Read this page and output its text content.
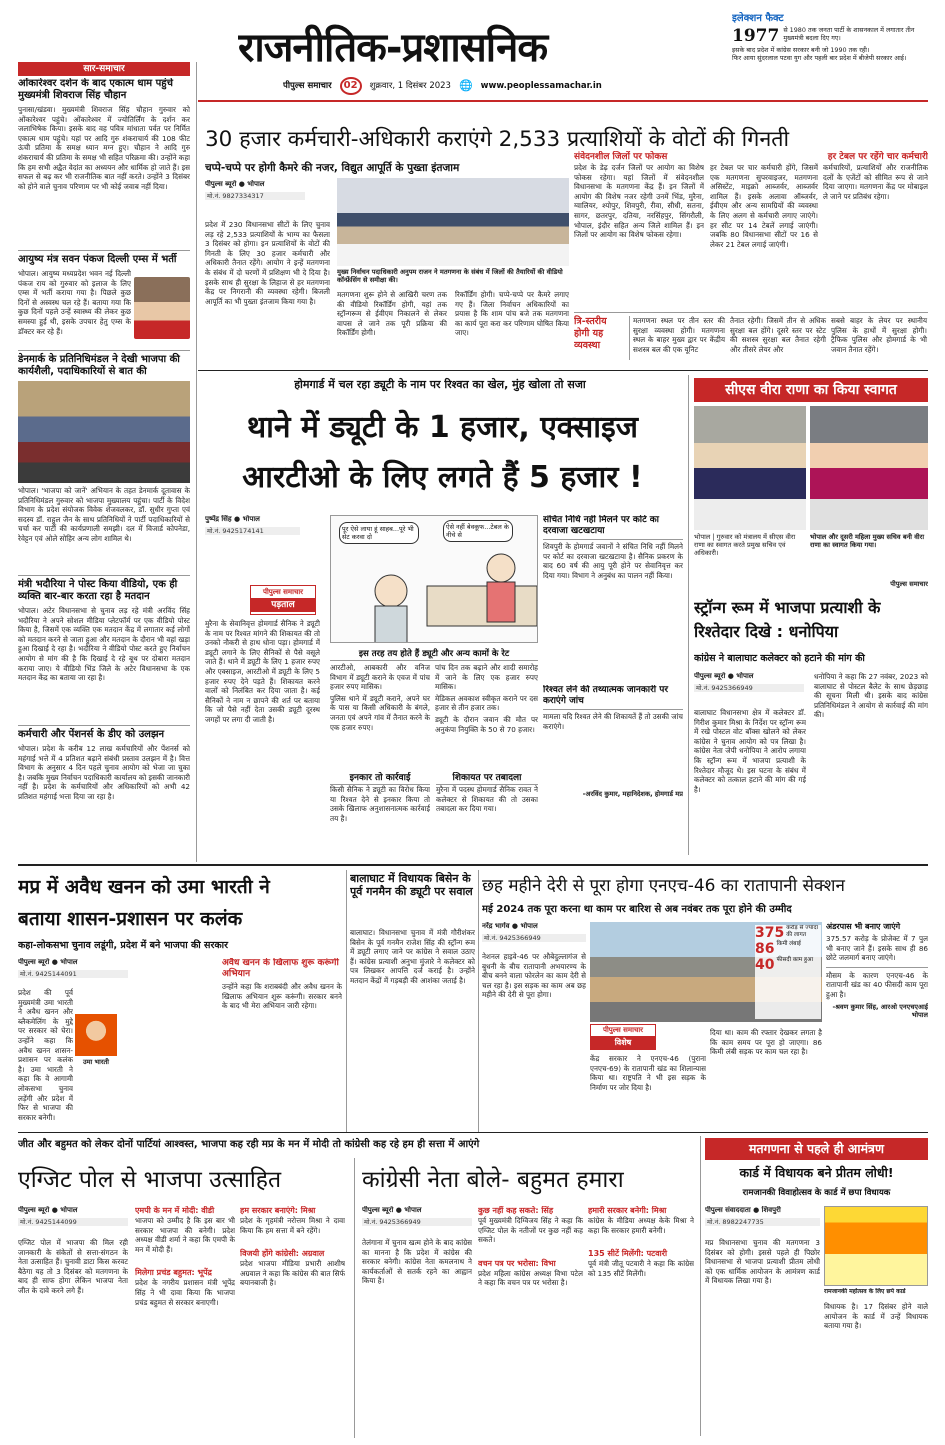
राजनीतिक-प्रशासनिक
पीपुल्स समाचार	02	शुक्रवार, 1 दिसंबर 2023 🌐 www.peoplessamachar.in
इलेक्शन फैक्ट
1977 से 1980 तक जनता पार्टी के शासनकाल में लगातार तीन मुख्यमंत्री बदला दिए गए।
इसके बाद प्रदेश में कांग्रेस सरकार बनी जो 1990 तक रही।
फिर आया सुंदरलाल पटवा युग और पहली बार प्रदेश में बीजेपी सरकार आई।
सार-समाचार
ओंकारेश्वर दर्शन के बाद एकात्म धाम पहुंचे मुख्यमंत्री शिवराज सिंह चौहान
पुनासा/खंडवा। मुख्यमंत्री शिवराज सिंह चौहान गुरुवार को ओंकारेश्वर पहुंचे। ओंकारेश्वर में ज्योतिर्लिंग के दर्शन कर जलाभिषेक किया। इसके बाद वह पवित्र मांधाता पर्वत पर निर्मित एकात्म धाम पहुंचे। यहां पर आदि गुरु शंकराचार्य की 108 फीट ऊंची प्रतिमा के समक्ष ध्यान मग्न हुए। चौहान ने आदि गुरु शंकराचार्य की प्रतिमा के समक्ष भी सहित परिक्रमा की। उन्होंने कहा कि हम सभी अद्वैत वेदांत का अध्ययन और धार्मिक हो जाते हैं। इस सफल से बढ़ कर भी राजनीतिक बात नहीं करते। उन्होंने 3 दिसंबर को होने वाले चुनाव परिणाम पर भी कोई जवाब नहीं दिया।
आयुष्य मंत्र सवन पंकज दिल्ली एम्स में भर्ती
भोपाल। आयुष्य मध्यप्रदेश भवन नई दिल्ली पंकज राय को गुरुवार को इलाज के लिए एम्स में भर्ती कराया गया है। पिछले कुछ दिनों से अस्वस्थ चल रहे हैं। बताया गया कि कुछ दिनों पहले उन्हें स्वास्थ्य की लेकर कुछ समस्या हुई थी, इसके उपचार हेतु एम्स के डॉक्टर कर रहे हैं।
डेनमार्क के प्रतिनिधिमंडल ने देखी भाजपा की कार्यशैली, पदाधिकारियों से बात की
भोपाल। 'भाजपा को जानें' अभियान के तहत डेनमार्क दूतावास के प्रतिनिधिमंडल गुरुवार को भाजपा मुख्यालय पहुंचा। पार्टी के विदेश विभाग के प्रदेश संयोजक विवेक शेजवलकर, डॉ. सुधीर गुप्ता एवं सदस्य डॉ. राहुल जैन के साथ प्रतिनिधियों ने पार्टी पदाधिकारियों से चर्चा कर पार्टी की कार्यप्रणाली समझी। दल में विजार्ड कोपनेडा, रेवेट्टन एवं ओले सोहिर अन्य लोग शामिल थे।
मंत्री भदौरिया ने पोस्ट किया वीडियो, एक ही व्यक्ति बार-बार करता रहा है मतदान
भोपाल। अटेर विधानसभा से चुनाव लड़ रहे मंत्री अरविंद सिंह भदौरिया ने अपने सोशल मीडिया प्लेटफॉर्म पर एक वीडियो पोस्ट किया है, जिसमें एक व्यक्ति एक मतदान केंद्र में लगातार कई लोगों को मतदान करने से जाता हुआ और मतदान के दौरान भी वहां खड़ा हुआ दिखाई दे रहा है। भदौरिया ने वीडियो पोस्ट करते हुए निर्वाचन आयोग से मांग की है कि दिखाई दे रहे बूथ पर दोबारा मतदान कराया जाए। ये वीडियो भिंड जिले के अटेर विधानसभा के एक मतदान केंद्र का बताया जा रहा है।
कर्मचारी और पेंशनर्स के डीए को उलझन
भोपाल। प्रदेश के करीब 12 लाख कर्मचारियों और पेंशनर्स को महंगाई भत्ते में 4 प्रतिशत बढ़ाने संबंधी प्रस्ताव उलझन में है। वित्त विभाग के अनुसार 4 दिन पहले चुनाव आयोग को भेजा जा चुका है। जबकि मुख्य निर्वाचन पदाधिकारी कार्यालय को इसकी जानकारी नहीं है। प्रदेश के कर्मचारियों और अधिकारियों को अभी 42 प्रतिशत महंगाई भत्ता दिया जा रहा है।
30 हजार कर्मचारी-अधिकारी कराएंगे 2,533 प्रत्याशियों के वोटों की गिनती
चप्पे-चप्पे पर होगी कैमरे की नजर, विद्युत आपूर्ति के पुख्ता इंतजाम
पीपुल्स ब्यूरो ● भोपाल
मो.नं. 9827334317
मुख्य निर्वाचन पदाधिकारी अनुपम राजन ने मतगणना के संबंध में जिलों की तैयारियों की वीडियो कॉन्फ्रेंसिंग से समीक्षा की।
प्रदेश में 230 विधानसभा सीटों के लिए चुनाव लड़ रहे 2,533 प्रत्याशियों के भाग्य का फैसला 3 दिसंबर को होगा। इन प्रत्याशियों के वोटों की गिनती के लिए 30 हजार कर्मचारी और अधिकारी तैनात रहेंगे। आयोग ने इन्हें मतगणना के संबंध में दो चरणों में प्रशिक्षण भी दे दिया है। इसके साथ ही सुरक्षा के लिहाज से हर मतगणना केंद्र पर निगरानी की व्यवस्था रहेगी। बिजली आपूर्ति का भी पुख्ता इंतजाम किया गया है।
मतगणना शुरू होने से आखिरी चरण तक की वीडियो रिकॉर्डिंग होगी, यहां तक स्ट्रॉन्गरूम से ईवीएम निकालने से लेकर वापस ले जाने तक पूरी प्रक्रिया की रिकॉर्डिंग होगी।
रिकॉर्डिंग होगी। चप्पे-चप्पे पर कैमरे लगाए गए हैं। जिला निर्वाचन अधिकारियों का प्रयास है कि शाम पांच बजे तक मतगणना का कार्य पूरा करा कर परिणाम घोषित किया जाए।
संवेदनशील जिलों पर फोकस
प्रदेश के डेढ़ दर्जन जिलों पर आयोग का विशेष फोकस रहेगा। यहां जिलों में संवेदनशील विधानसभा के मतगणना केंद्र हैं। इन जिलों में आयोग की विशेष नजर रहेगी उनमें भिंड, मुरैना, ग्वालियर, श्योपुर, शिवपुरी, रीवा, सीधी, सतना, सागर, छतरपुर, दतिया, नरसिंहपुर, सिंगरौली, भोपाल, इंदौर सहित अन्य जिले शामिल हैं। इन जिलों पर आयोग का विशेष फोकस रहेगा।
हर टेबल पर रहेंगे चार कर्मचारी
हर टेबल पर चार कर्मचारी होंगे, जिसमें एक मतगणना सुपरवाइजर, मतगणना असिस्टेंट, माइक्रो आब्जर्वर, आब्जर्वर शामिल हैं। इसके अलावा ऑब्जर्वर, ईवीएम और अन्य सामग्रियों की व्यवस्था के लिए अलग से कर्मचारी लगाए जाएंगे। हर सीट पर 14 टेबलें लगाई जाएंगी। जबकि 80 विधानसभा सीटों पर 16 से लेकर 21 टेबल लगाई जाएंगी।
कर्मचारियों, प्रत्याशियों और राजनीतिक दलों के एजेंटों को सीमित रूप से जाने दिया जाएगा। मतगणना केंद्र पर मोबाइल ले जाने पर प्रतिबंध रहेगा।
त्रि-स्तरीय होगी यह व्यवस्था
मतगणना स्थल पर तीन स्तर की सुरक्षा व्यवस्था होगी। मतगणना स्थल के बाहर मुख्य द्वार पर केंद्रीय सशस्त्र बल की एक यूनिट
तैनात रहेगी। जिसमें तीन से अधिक सुरक्षा बल होंगे। दूसरे स्तर पर स्टेट की सशस्त्र सुरक्षा बल तैनात रहेगी और तीसरे लेयर और
सबसे बाहर के लेयर पर स्थानीय पुलिस के हाथों में सुरक्षा होगी। ट्रैफिक पुलिस और होमगार्ड के भी जवान तैनात रहेंगे।
होमगार्ड में चल रहा ड्यूटी के नाम पर रिश्वत का खेल, मुंह खोला तो सजा
थाने में ड्यूटी के 1 हजार, एक्साइज
आरटीओ के लिए लगते हैं 5 हजार !
पुष्पेंद्र सिंह ● भोपाल
मो.नं. 9425174141
पीपुल्स समाचार
पड़ताल
मुरैना के सेवानिवृत्त होमगार्ड सैनिक ने ड्यूटी के नाम पर रिश्वत मांगने की शिकायत की तो उनको नौकरी से हाथ धोना पड़ा। होमगार्ड में ड्यूटी लगाने के लिए सैनिकों से पैसे वसूले जाते हैं। थाने में ड्यूटी के लिए 1 हजार रुपए और एक्साइज, आरटीओ में ड्यूटी के लिए 5 हजार रुपए देने पड़ते हैं। शिकायत करने वालों को निलंबित कर दिया जाता है। कई सैनिकों ने नाम न छापने की शर्त पर बताया कि जो पैसे नहीं देता उसकी ड्यूटी दूरस्थ जगहों पर लगा दी जाती है।
पूर ऐसे लाया हूं साहब...पूरे भी सेट करवा दो
ऐसे नहीं बेवकूफ...टेबल के नीचे से
इस तरह तय होते हैं ड्यूटी और अन्य कामों के रेट
आरटीओ, आबकारी और वनिज विभाग में ड्यूटी कराने के एवज में पांच हजार रुपए मासिक।
पुलिस थाने में ड्यूटी कराने, अपने घर के पास या किसी अधिकारी के बंगले, जनता एवं अपने गांव में तैनात करने के एक हजार रुपए।
पांच दिन तक बढ़ाने और शादी समारोह में जाने के लिए एक हजार रुपए मासिक।
मेडिकल अवकाश स्वीकृत कराने पर दस हजार से तीन हजार तक।
ड्यूटी के दौरान जवान की मौत पर अनुकंपा नियुक्ति के 50 से 70 हजार।
इनकार तो कार्रवाई
किसी सैनिक ने ड्यूटी का विरोध किया या रिश्वत देने से इनकार किया तो उसके खिलाफ अनुशासनात्मक कार्रवाई तय है।
शिकायत पर तबादला
मुरैना में पदस्थ होमगार्ड सैनिक रावत ने कलेक्टर से शिकायत की तो उसका तबादला कर दिया गया।
संचित निधि नहीं मिलने पर कोर्ट का दरवाजा खटखटाया
शिवपुरी के होमगार्ड जवानों ने संचित निधि नहीं मिलने पर कोर्ट का दरवाजा खटखटाया है। सैनिक प्रकरण के बाद 60 वर्ष की आयु पूरी होने पर सेवानिवृत्त कर दिया गया। विभाग ने अनुबंध का पालन नहीं किया।
रिश्वत लेने की तथ्यात्मक जानकारी पर कराएंगे जांच
मामला यदि रिश्वत लेने की शिकायतें हैं तो उसकी जांच कराएंगे।
-अरविंद कुमार, महानिदेशक, होमगार्ड मप्र
सीएस वीरा राणा का किया स्वागत
भोपाल | गुरुवार को मंत्रालय में सीएस वीरा राणा का स्वागत करते प्रमुख सचिव एवं अधिकारी।
भोपाल और दूसरी महिला मुख्य सचिव बनी वीरा राणा का स्वागत किया गया।
पीपुल्स समाचार
स्ट्रॉन्ग रूम में भाजपा प्रत्याशी के रिश्तेदार दिखे : धनोपिया
कांग्रेस ने बालाघाट कलेक्टर को हटाने की मांग की
पीपुल्स ब्यूरो ● भोपाल
मो.नं. 9425366949
बालाघाट विधानसभा क्षेत्र में कलेक्टर डॉ. गिरीश कुमार मिश्रा के निर्देश पर स्ट्रॉन्ग रूम में रखे पोस्टल वोट बॉक्स खोलने को लेकर कांग्रेस ने चुनाव आयोग को पत्र लिखा है। कांग्रेस नेता जेपी धनोपिया ने आरोप लगाया कि स्ट्रॉन्ग रूम में भाजपा प्रत्याशी के रिश्तेदार मौजूद थे। इस घटना के संबंध में कलेक्टर को तत्काल हटाने की मांग की गई है।
धनोपिया ने कहा कि 27 नवंबर, 2023 को बालाघाट से पोस्टल बैलेट के साथ छेड़छाड़ की सूचना मिली थी। इसके बाद कांग्रेस प्रतिनिधिमंडल ने आयोग से कार्रवाई की मांग की।
मप्र में अवैध खनन को उमा भारती ने
बताया शासन-प्रशासन पर कलंक
कहा-लोकसभा चुनाव लडूंगी, प्रदेश में बने भाजपा की सरकार
पीपुल्स ब्यूरो ● भोपाल
मो.नं. 9425144091
उमा भारती
प्रदेश की पूर्व मुख्यमंत्री उमा भारती ने अवैध खनन और ब्लैकमेलिंग के मुद्दे पर सरकार को घेरा। उन्होंने कहा कि अवैध खनन शासन-प्रशासन पर कलंक है। उमा भारती ने कहा कि वे आगामी लोकसभा चुनाव लड़ेंगी और प्रदेश में फिर से भाजपा की सरकार बनेगी।
अवैध खनन के खिलाफ शुरू करूंगी अभियान
उन्होंने कहा कि शराबबंदी और अवैध खनन के खिलाफ अभियान शुरू करूंगी। सरकार बनने के बाद भी मेरा अभियान जारी रहेगा।
बालाघाट में विधायक बिसेन के पूर्व गनमैन की ड्यूटी पर सवाल
बालाघाट। विधानसभा चुनाव में मंत्री गौरीशंकर बिसेन के पूर्व गनमैन राजेश सिंह की स्ट्रॉन्ग रूम में ड्यूटी लगाए जाने पर कांग्रेस ने सवाल उठाए हैं। कांग्रेस प्रत्याशी अनुभा मुंजारे ने कलेक्टर को पत्र लिखकर आपत्ति दर्ज कराई है। उन्होंने मतदान केंद्रों में गड़बड़ी की आशंका जताई है।
छह महीने देरी से पूरा होगा एनएच-46 का रातापानी सेक्शन
मई 2024 तक पूरा करना था काम पर बारिश से अब नवंबर तक पूरा होने की उम्मीद
नरेंद्र भार्गव ● भोपाल
मो.नं. 9425366949	375 करोड़ से ज्यादा की लागत
86 किमी लंबाई
40 फीसदी काम हुआ
पीपुल्स समाचार
विशेष
नेशनल हाइवे-46 पर औबेदुल्लागंज से बुधनी के बीच रातापानी अभयारण्य के बीच बनने वाला फोरलेन का काम देरी से चल रहा है। इस सड़क का काम अब छह महीने की देरी से पूरा होगा।
केंद्र सरकार ने एनएच-46 (पुराना एनएच-69) के रातापानी खंड का शिलान्यास किया था। राष्ट्रपति ने भी इस सड़क के निर्माण पर जोर दिया है।
दिया था। काम की रफ्तार देखकर लगता है कि काम समय पर पूरा हो जाएगा। 86 किमी लंबी सड़क पर काम चल रहा है।
अंडरपास भी बनाए जाएंगे
375.57 करोड़ के प्रोजेक्ट में 7 पुल भी बनाए जाने हैं। इसके साथ ही 86 छोटे जलमार्ग बनाए जाएंगे।
मौसम के कारण एनएच-46 के रातापानी खंड का 40 फीसदी काम पूरा हुआ है।
-श्रवण कुमार सिंह, आरओ एनएचएआई भोपाल
जीत और बहुमत को लेकर दोनों पार्टियां आश्वस्त, भाजपा कह रही मप्र के मन में मोदी तो कांग्रेसी कह रहे हम ही सत्ता में आएंगे
एग्जिट पोल से भाजपा उत्साहित	कांग्रेसी नेता बोले- बहुमत हमारा
पीपुल्स ब्यूरो ● भोपाल
मो.नं. 9425144099
एग्जिट पोल में भाजपा की मिल रही जानकारी के संकेतों से सत्ता-संगठन के नेता उत्साहित हैं। चुनावी डाटा किस करवट बैठेगा यह तो 3 दिसंबर को मतगणना के बाद ही साफ होगा लेकिन भाजपा नेता जीत के दावे करने लगे हैं।
एमपी के मन में मोदी: वीडी
भाजपा को उम्मीद है कि इस बार भी सरकार भाजपा की बनेगी। प्रदेश अध्यक्ष वीडी शर्मा ने कहा कि एमपी के मन में मोदी हैं।
मिलेगा प्रचंड बहुमत: भूपेंद्र
प्रदेश के नगरीय प्रशासन मंत्री भूपेंद्र सिंह ने भी दावा किया कि भाजपा प्रचंड बहुमत से सरकार बनाएगी।
हम सरकार बनाएंगे: मिश्रा
प्रदेश के गृहमंत्री नरोत्तम मिश्रा ने दावा किया कि हम सत्ता में बने रहेंगे।
विजयी होंगे कांग्रेसी: अग्रवाल
प्रदेश भाजपा मीडिया प्रभारी आशीष अग्रवाल ने कहा कि कांग्रेस की बात सिर्फ बयानबाजी है।
पीपुल्स ब्यूरो ● भोपाल
मो.नं. 9425366949
तेलंगाना में चुनाव खत्म होने के बाद कांग्रेस का मानना है कि प्रदेश में कांग्रेस की सरकार बनेगी। कांग्रेस नेता कमलनाथ ने कार्यकर्ताओं से सतर्क रहने का आह्वान किया है।
कुछ नहीं कह सकते: सिंह
पूर्व मुख्यमंत्री दिग्विजय सिंह ने कहा कि एग्जिट पोल के नतीजों पर कुछ नहीं कह सकते।
वचन पत्र पर भरोसा: विभा
प्रदेश महिला कांग्रेस अध्यक्ष विभा पटेल ने कहा कि वचन पत्र पर भरोसा है।
हमारी सरकार बनेगी: मिश्रा
कांग्रेस के मीडिया अध्यक्ष केके मिश्रा ने कहा कि सरकार हमारी बनेगी।
135 सीटें मिलेंगी: पटवारी
पूर्व मंत्री जीतू पटवारी ने कहा कि कांग्रेस को 135 सीटें मिलेंगी।
मतगणना से पहले ही आमंत्रण
कार्ड में विधायक बने प्रीतम लोधी!
रामजानकी विवाहोत्सव के कार्ड में छपा विधायक
पीपुल्स संवाददाता ● शिवपुरी
मो.नं. 8982247735
रामजानकी महोत्सव के लिए छपे कार्ड
मप्र विधानसभा चुनाव की मतगणना 3 दिसंबर को होगी। इससे पहले ही पिछोर विधानसभा से भाजपा प्रत्याशी प्रीतम लोधी को एक धार्मिक आयोजन के आमंत्रण कार्ड में विधायक लिखा गया है।
विधायक है। 17 दिसंबर होने वाले आयोजन के कार्ड में उन्हें विधायक बताया गया है।
